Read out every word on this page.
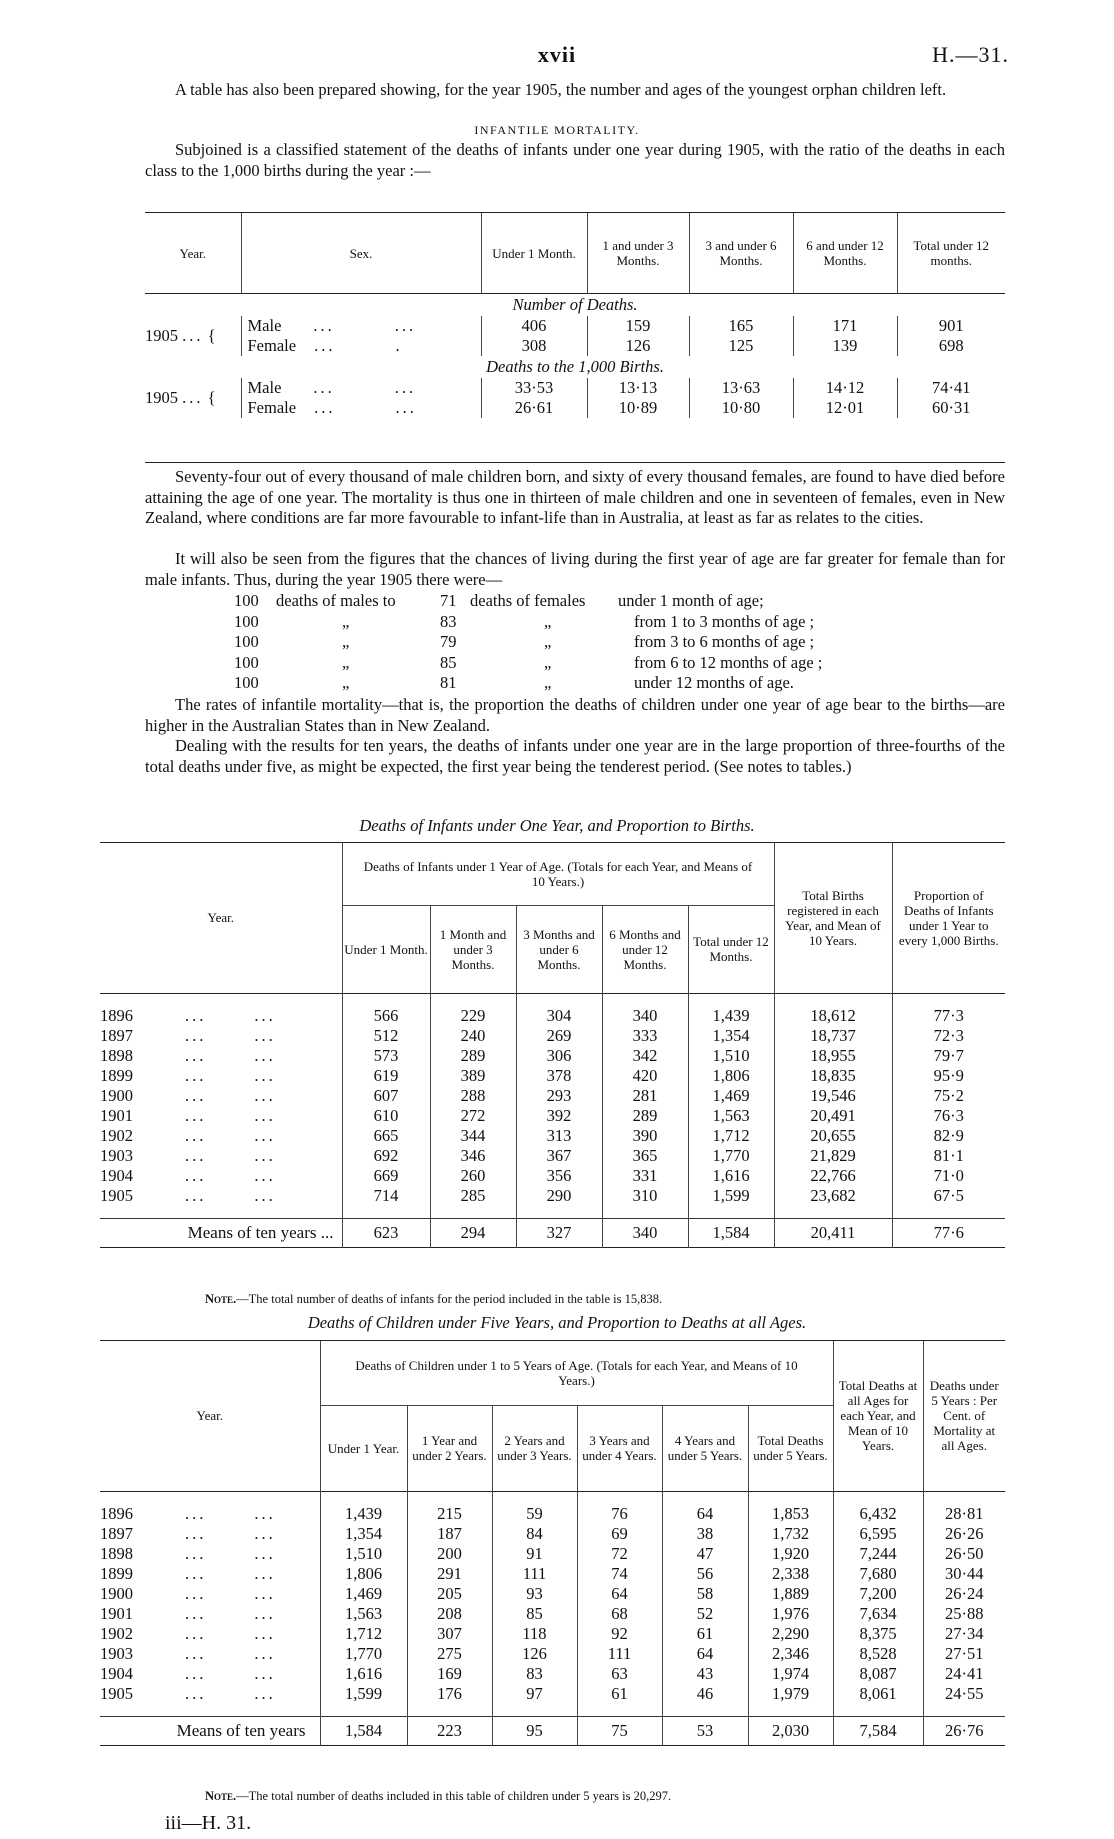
xvii	H.—31.
A table has also been prepared showing, for the year 1905, the number and ages of the youngest orphan children left.
INFANTILE MORTALITY.
Subjoined is a classified statement of the deaths of infants under one year during 1905, with the ratio of the deaths in each class to the 1,000 births during the year :—
Year.	Sex.	Under 1 Month.	1 and under 3 Months.	3 and under 6 Months.	6 and under 12 Months.	Total under 12 months.
Number of Deaths.						
1905 ... {	Male ... ...	406	159	165	171	901
	Female ... .	308	126	125	139	698
Deaths to the 1,000 Births.						
1905 ... {	Male ... ...	33·53	13·13	13·63	14·12	74·41
	Female ... ...	26·61	10·89	10·80	12·01	60·31
Seventy-four out of every thousand of male children born, and sixty of every thousand females, are found to have died before attaining the age of one year. The mortality is thus one in thirteen of male children and one in seventeen of females, even in New Zealand, where conditions are far more favourable to infant-life than in Australia, at least as far as relates to the cities.
It will also be seen from the figures that the chances of living during the first year of age are far greater for female than for male infants. Thus, during the year 1905 there were—
100 deaths of males to	71 deaths of females under 1 month of age;
100	„	83	„	from 1 to 3 months of age ;
100	„	79	„	from 3 to 6 months of age ;
100	„	85	„	from 6 to 12 months of age ;
100	„	81	„	under 12 months of age.
The rates of infantile mortality—that is, the proportion the deaths of children under one year of age bear to the births—are higher in the Australian States than in New Zealand.
Dealing with the results for ten years, the deaths of infants under one year are in the large proportion of three-fourths of the total deaths under five, as might be expected, the first year being the tenderest period. (See notes to tables.)
Deaths of Infants under One Year, and Proportion to Births.
Year.	Deaths of Infants under 1 Year of Age. (Totals for each Year, and Means of 10 Years.)					Total Births registered in each Year, and Mean of 10 Years.	Proportion of Deaths of Infants under 1 Year to every 1,000 Births.
	Under 1 Month.	1 Month and under 3 Months.	3 Months and under 6 Months.	6 Months and under 12 Months.	Total under 12 Months.		

1896 ... ...	566	229	304	340	1,439	18,612	77·3
1897 ... ...	512	240	269	333	1,354	18,737	72·3
1898 ... ...	573	289	306	342	1,510	18,955	79·7
1899 ... ...	619	389	378	420	1,806	18,835	95·9
1900 ... ...	607	288	293	281	1,469	19,546	75·2
1901 ... ...	610	272	392	289	1,563	20,491	76·3
1902 ... ...	665	344	313	390	1,712	20,655	82·9
1903 ... ...	692	346	367	365	1,770	21,829	81·1
1904 ... ...	669	260	356	331	1,616	22,766	71·0
1905 ... ...	714	285	290	310	1,599	23,682	67·5

Means of ten years ...	623	294	327	340	1,584	20,411	77·6
Note.—The total number of deaths of infants for the period included in the table is 15,838.
Deaths of Children under Five Years, and Proportion to Deaths at all Ages.
Year.	Deaths of Children under 1 to 5 Years of Age. (Totals for each Year, and Means of 10 Years.)						Total Deaths at all Ages for each Year, and Mean of 10 Years.	Deaths under 5 Years : Per Cent. of Mortality at all Ages.
	Under 1 Year.	1 Year and under 2 Years.	2 Years and under 3 Years.	3 Years and under 4 Years.	4 Years and under 5 Years.	Total Deaths under 5 Years.		

1896 ... ...	1,439	215	59	76	64	1,853	6,432	28·81
1897 ... ...	1,354	187	84	69	38	1,732	6,595	26·26
1898 ... ...	1,510	200	91	72	47	1,920	7,244	26·50
1899 ... ...	1,806	291	111	74	56	2,338	7,680	30·44
1900 ... ...	1,469	205	93	64	58	1,889	7,200	26·24
1901 ... ...	1,563	208	85	68	52	1,976	7,634	25·88
1902 ... ...	1,712	307	118	92	61	2,290	8,375	27·34
1903 ... ...	1,770	275	126	111	64	2,346	8,528	27·51
1904 ... ...	1,616	169	83	63	43	1,974	8,087	24·41
1905 ... ...	1,599	176	97	61	46	1,979	8,061	24·55

Means of ten years	1,584	223	95	75	53	2,030	7,584	26·76
Note.—The total number of deaths included in this table of children under 5 years is 20,297.
iii—H. 31.
